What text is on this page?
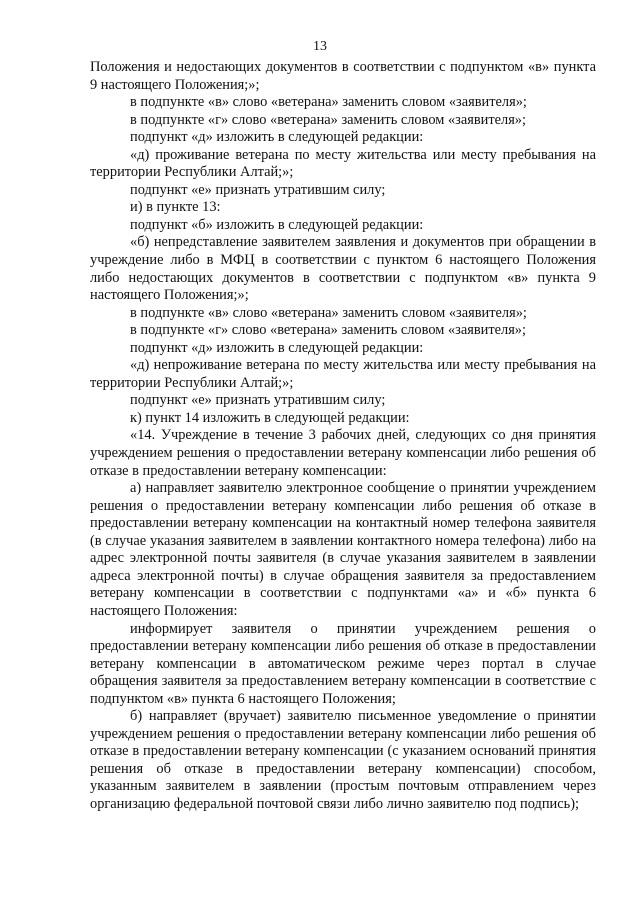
13

Положения и недостающих документов в соответствии с подпунктом «в» пункта 9 настоящего Положения;»;

в подпункте «в» слово «ветерана» заменить словом «заявителя»;

в подпункте «г» слово «ветерана» заменить словом «заявителя»;

подпункт «д» изложить в следующей редакции:

«д) проживание ветерана по месту жительства или месту пребывания на территории Республики Алтай;»;

подпункт «е» признать утратившим силу;

и) в пункте 13:

подпункт «б» изложить в следующей редакции:

«б) непредставление заявителем заявления и документов при обращении в учреждение либо в МФЦ в соответствии с пунктом 6 настоящего Положения либо недостающих документов в соответствии с подпунктом «в» пункта 9 настоящего Положения;»;

в подпункте «в» слово «ветерана» заменить словом «заявителя»;

в подпункте «г» слово «ветерана» заменить словом «заявителя»;

подпункт «д» изложить в следующей редакции:

«д) непроживание ветерана по месту жительства или месту пребывания на территории Республики Алтай;»;

подпункт «е» признать утратившим силу;

к) пункт 14 изложить в следующей редакции:

«14. Учреждение в течение 3 рабочих дней, следующих со дня принятия учреждением решения о предоставлении ветерану компенсации либо решения об отказе в предоставлении ветерану компенсации:

а) направляет заявителю электронное сообщение о принятии учреждением решения о предоставлении ветерану компенсации либо решения об отказе в предоставлении ветерану компенсации на контактный номер телефона заявителя (в случае указания заявителем в заявлении контактного номера телефона) либо на адрес электронной почты заявителя (в случае указания заявителем в заявлении адреса электронной почты) в случае обращения заявителя за предоставлением ветерану компенсации в соответствии с подпунктами «а» и «б» пункта 6 настоящего Положения:

информирует заявителя о принятии учреждением решения о предоставлении ветерану компенсации либо решения об отказе в предоставлении ветерану компенсации в автоматическом режиме через портал в случае обращения заявителя за предоставлением ветерану компенсации в соответствие с подпунктом «в» пункта 6 настоящего Положения;

б) направляет (вручает) заявителю письменное уведомление о принятии учреждением решения о предоставлении ветерану компенсации либо решения об отказе в предоставлении ветерану компенсации (с указанием оснований принятия решения об отказе в предоставлении ветерану компенсации) способом, указанным заявителем в заявлении (простым почтовым отправлением через организацию федеральной почтовой связи либо лично заявителю под подпись);
